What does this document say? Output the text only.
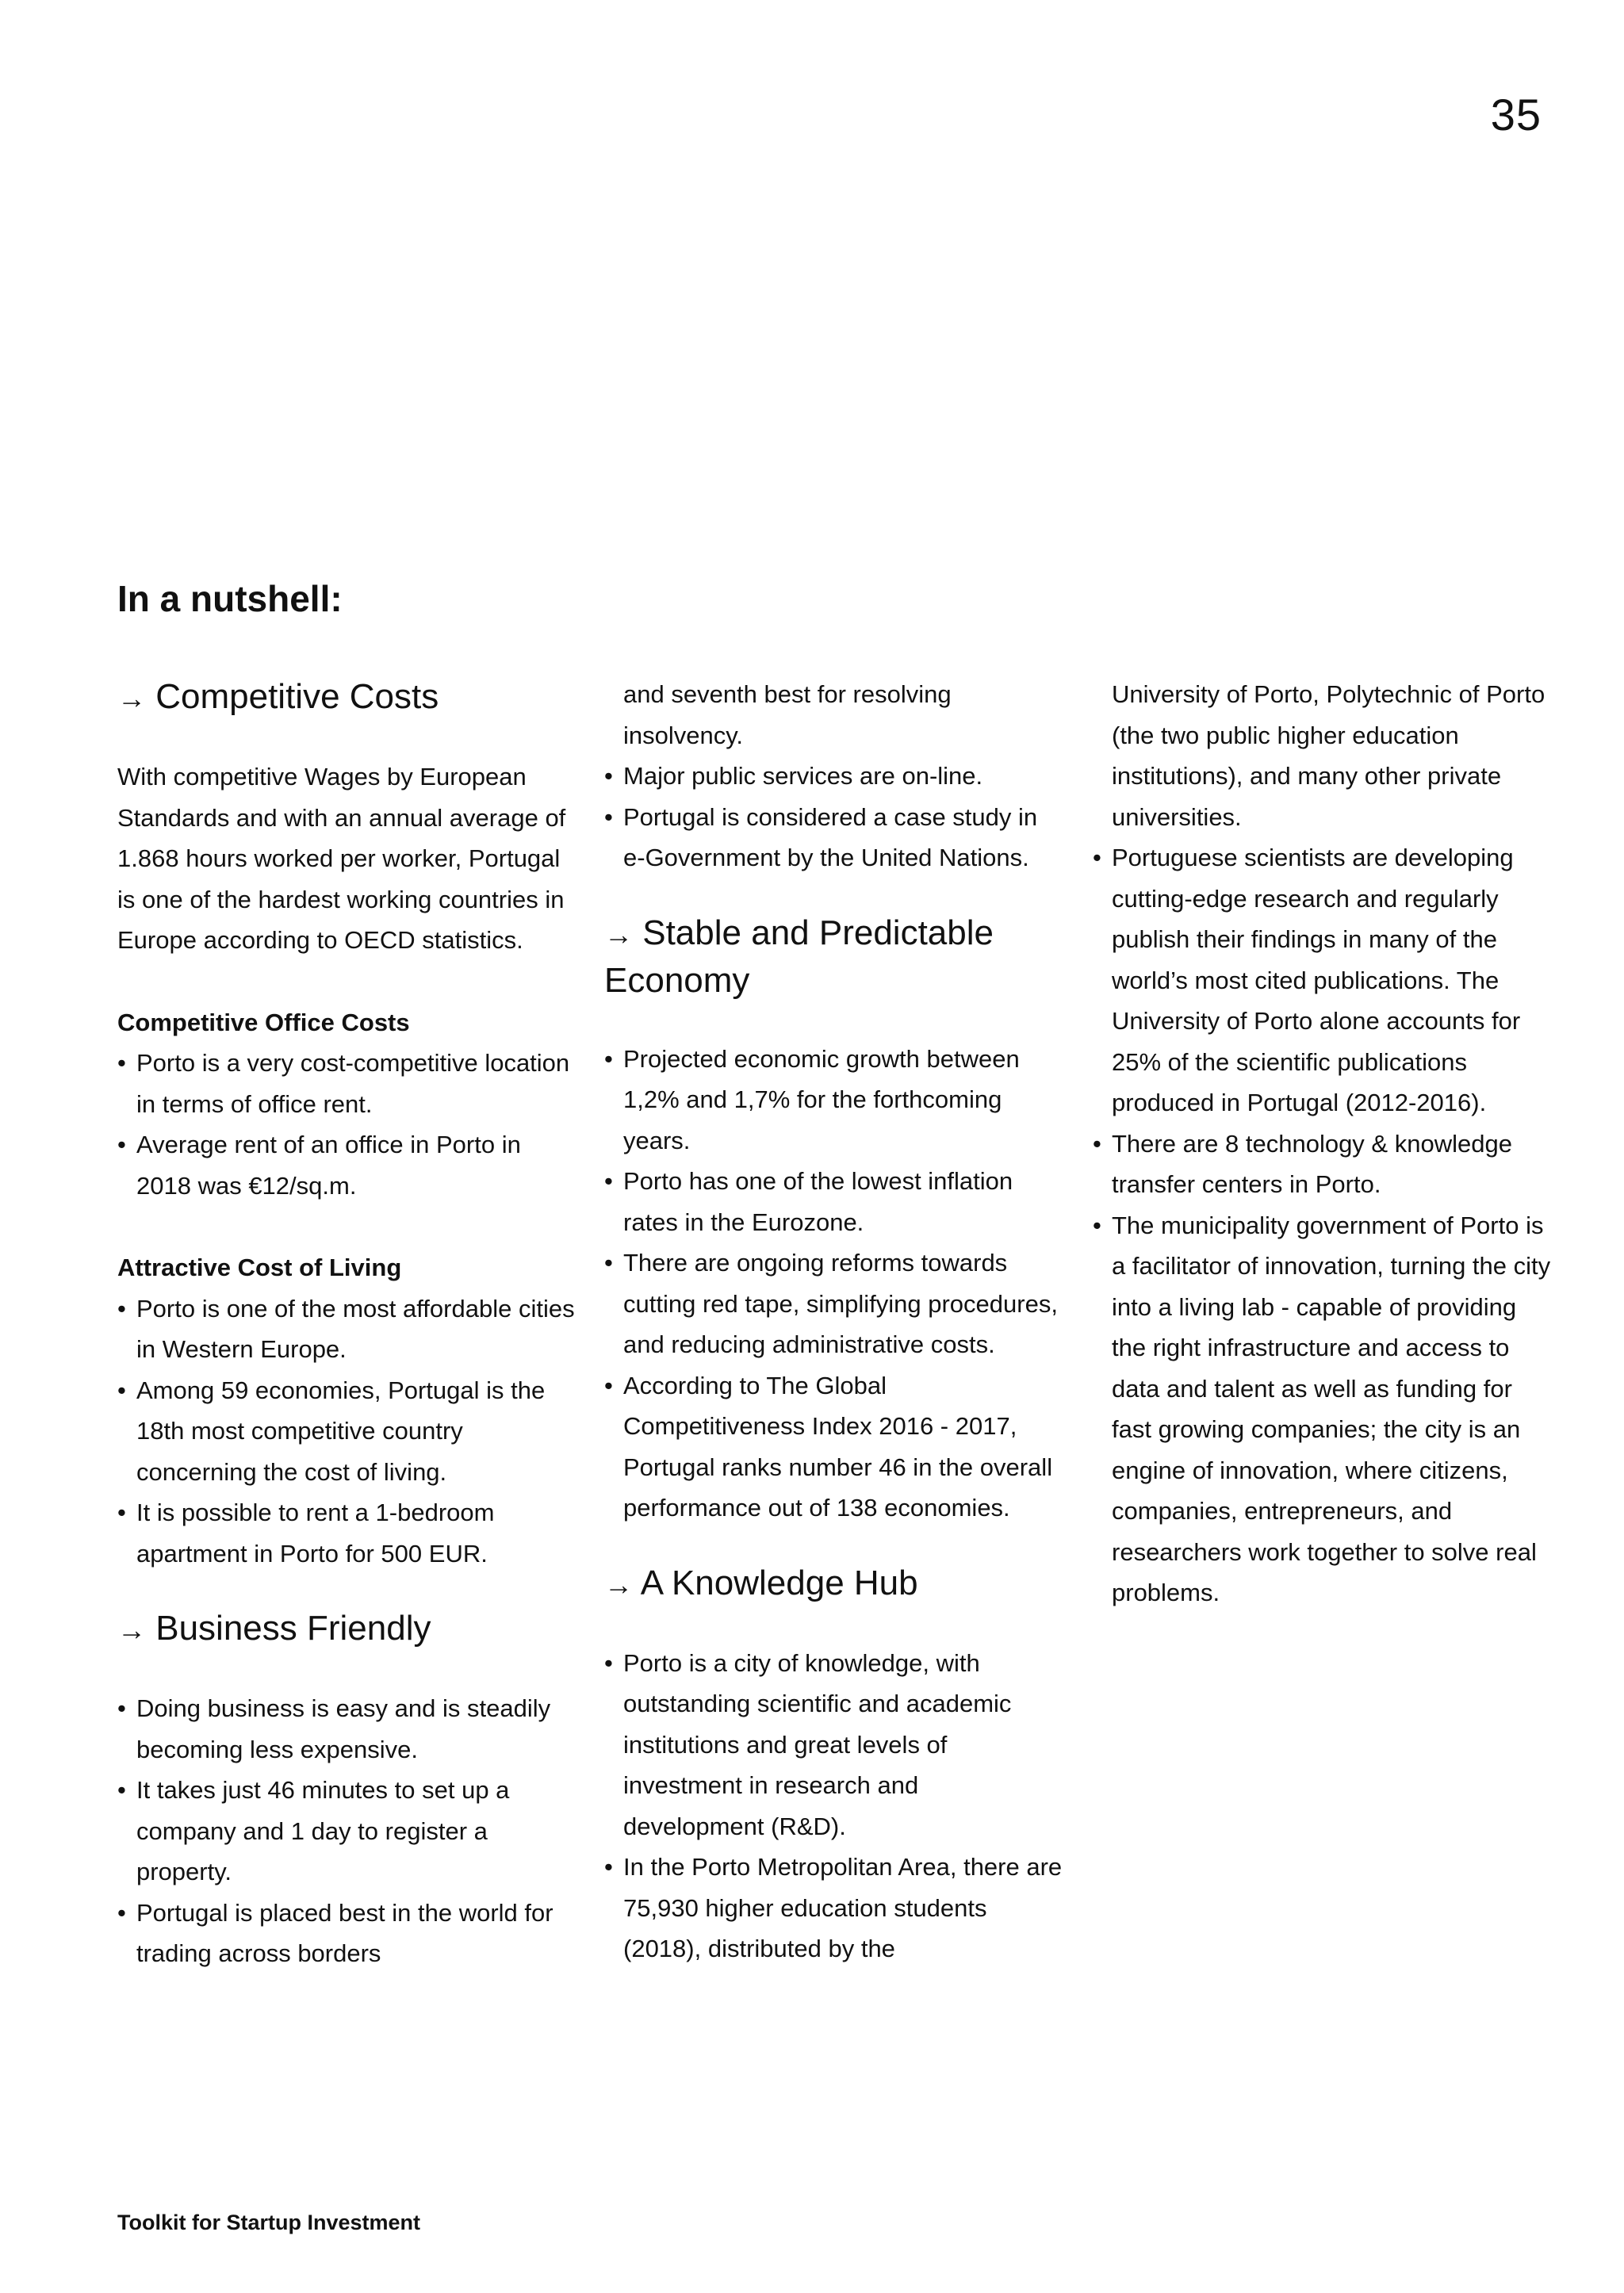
35
In a nutshell:
→ Competitive Costs

With competitive Wages by European Standards and with an annual average of 1.868 hours worked per worker, Portugal is one of the hardest working countries in Europe according to OECD statistics.

Competitive Office Costs
• Porto is a very cost-competitive location in terms of office rent.
• Average rent of an office in Porto in 2018 was €12/sq.m.
Attractive Cost of Living
• Porto is one of the most affordable cities in Western Europe.
• Among 59 economies, Portugal is the 18th most competitive country concerning the cost of living.
• It is possible to rent a 1-bedroom apartment in Porto for 500 EUR.
→ Business Friendly
• Doing business is easy and is steadily becoming less expensive.
• It takes just 46 minutes to set up a company and 1 day to register a property.
• Portugal is placed best in the world for trading across borders

and seventh best for resolving insolvency.

• Major public services are on-line.
• Portugal is considered a case study in e-Government by the United Nations.
→ Stable and Predictable Economy
• Projected economic growth between 1,2% and 1,7% for the forthcoming years.
• Porto has one of the lowest inflation rates in the Eurozone.
• There are ongoing reforms towards cutting red tape, simplifying procedures, and reducing administrative costs.
• According to The Global Competitiveness Index 2016 - 2017, Portugal ranks number 46 in the overall performance out of 138 economies.
→ A Knowledge Hub
• Porto is a city of knowledge, with outstanding scientific and academic institutions and great levels of investment in research and development (R&D).
• In the Porto Metropolitan Area, there are 75,930 higher education students (2018), distributed by the

University of Porto, Polytechnic of Porto (the two public higher education institutions), and many other private universities.

• Portuguese scientists are developing cutting-edge research and regularly publish their findings in many of the world’s most cited publications. The University of Porto alone accounts for 25% of the scientific publications produced in Portugal (2012-2016).
• There are 8 technology & knowledge transfer centers in Porto.
• The municipality government of Porto is a facilitator of innovation, turning the city into a living lab - capable of providing the right infrastructure and access to data and talent as well as funding for fast growing companies; the city is an engine of innovation, where citizens, companies, entrepreneurs, and researchers work together to solve real problems.
Toolkit for Startup Investment
